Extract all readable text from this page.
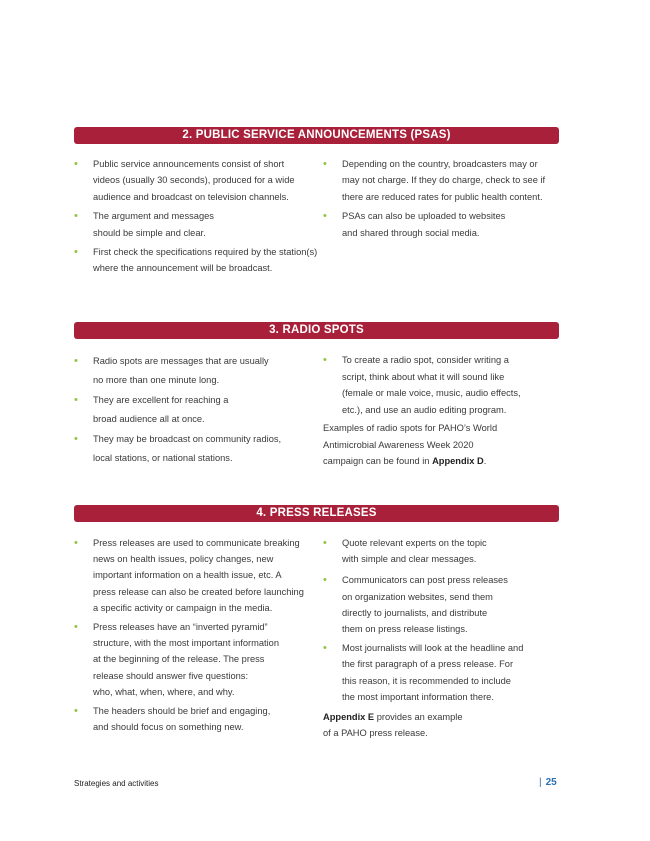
2. PUBLIC SERVICE ANNOUNCEMENTS (PSAS)
• Public service announcements consist of short
videos (usually 30 seconds), produced for a wide
audience and broadcast on television channels.
• The argument and messages
should be simple and clear.
• First check the specifications required by the station(s)
where the announcement will be broadcast.
• Depending on the country, broadcasters may or
may not charge. If they do charge, check to see if
there are reduced rates for public health content.
• PSAs can also be uploaded to websites
and shared through social media.
3. RADIO SPOTS
• Radio spots are messages that are usually
no more than one minute long.
• They are excellent for reaching a
broad audience all at once.
• They may be broadcast on community radios,
local stations, or national stations.
• To create a radio spot, consider writing a
script, think about what it will sound like
(female or male voice, music, audio effects,
etc.), and use an audio editing program.
Examples of radio spots for PAHO’s World
Antimicrobial Awareness Week 2020
campaign can be found in Appendix D.
4. PRESS RELEASES
• Press releases are used to communicate breaking
news on health issues, policy changes, new
important information on a health issue, etc. A
press release can also be created before launching
a specific activity or campaign in the media.
• Press releases have an “inverted pyramid”
structure, with the most important information
at the beginning of the release. The press
release should answer five questions:
who, what, when, where, and why.
• The headers should be brief and engaging,
and should focus on something new.
• Quote relevant experts on the topic
with simple and clear messages.
• Communicators can post press releases
on organization websites, send them
directly to journalists, and distribute
them on press release listings.
• Most journalists will look at the headline and
the first paragraph of a press release. For
this reason, it is recommended to include
the most important information there.
Appendix E provides an example
of a PAHO press release.
Strategies and activities	| 25
